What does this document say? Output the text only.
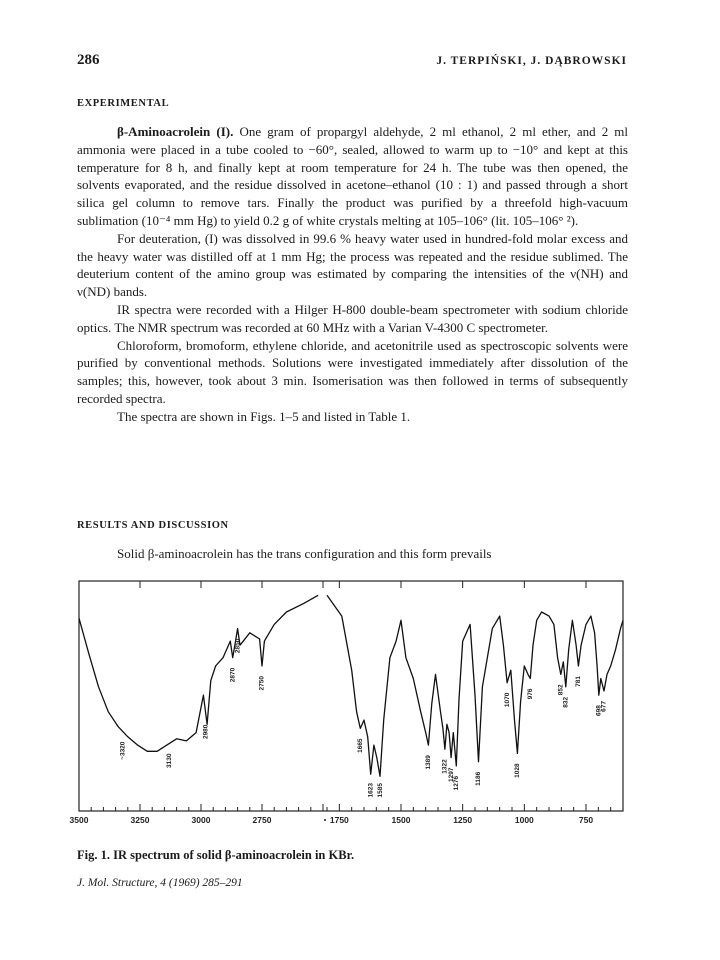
286	J. TERPIŃSKI, J. DĄBROWSKI
EXPERIMENTAL

β-Aminoacrolein (I). One gram of propargyl aldehyde, 2 ml ethanol, 2 ml ether, and 2 ml ammonia were placed in a tube cooled to −60°, sealed, allowed to warm up to −10° and kept at this temperature for 8 h, and finally kept at room temperature for 24 h. The tube was then opened, the solvents evaporated, and the residue dissolved in acetone–ethanol (10 : 1) and passed through a short silica gel column to remove tars. Finally the product was purified by a threefold high-vacuum sublimation (10⁻⁴ mm Hg) to yield 0.2 g of white crystals melting at 105–106° (lit. 105–106° ²).

For deuteration, (I) was dissolved in 99.6 % heavy water used in hundred-fold molar excess and the heavy water was distilled off at 1 mm Hg; the process was repeated and the residue sublimed. The deuterium content of the amino group was estimated by comparing the intensities of the ν(NH) and ν(ND) bands.

IR spectra were recorded with a Hilger H-800 double-beam spectrometer with sodium chloride optics. The NMR spectrum was recorded at 60 MHz with a Varian V-4300 C spectrometer.

Chloroform, bromoform, ethylene chloride, and acetonitrile used as spectroscopic solvents were purified by conventional methods. Solutions were investigated immediately after dissolution of the samples; this, however, took about 3 min. Isomerisation was then followed in terms of subsequently recorded spectra.

The spectra are shown in Figs. 1–5 and listed in Table 1.

RESULTS AND DISCUSSION

Solid β-aminoacrolein has the trans configuration and this form prevails

3500	3250	3000	2750
~3320
3130
2980
2870
2850
2750
1750	1500	1250	1000	750
1665
1623 1585
1389 1322
1297
1276 1186
1070
1028
976	852
832
781
698
677
Fig. 1. IR spectrum of solid β-aminoacrolein in KBr.
J. Mol. Structure, 4 (1969) 285–291
